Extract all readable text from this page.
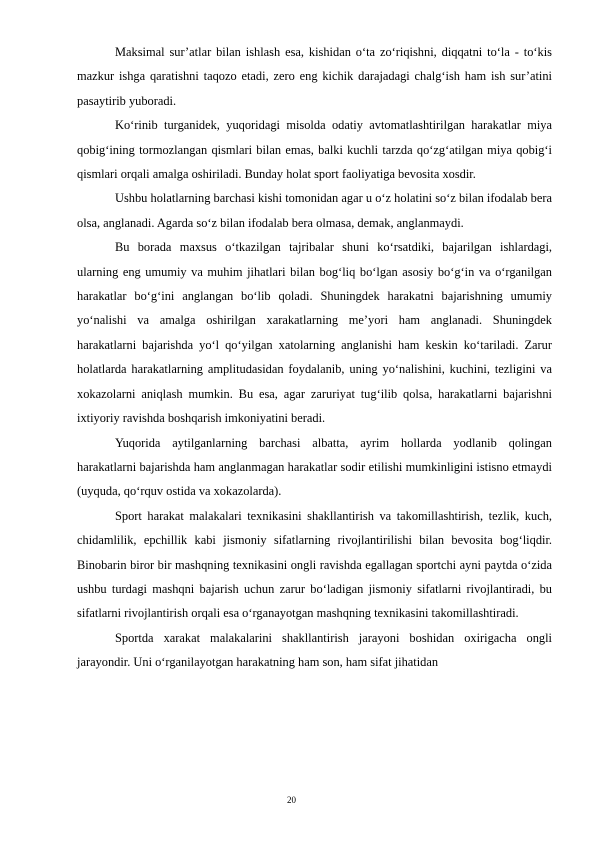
Maksimal sur’atlar bilan ishlash esa, kishidan o‘ta zo‘riqishni, diqqatni to‘la - to‘kis mazkur ishga qaratishni taqozo etadi, zero eng kichik darajadagi chalg‘ish ham ish sur’atini pasaytirib yuboradi.

Ko‘rinib turganidek, yuqoridagi misolda odatiy avtomatlashtirilgan harakatlar miya qobig‘ining tormozlangan qismlari bilan emas, balki kuchli tarzda qo‘zg‘atilgan miya qobig‘i qismlari orqali amalga oshiriladi. Bunday holat sport faoliyatiga bevosita xosdir.

Ushbu holatlarning barchasi kishi tomonidan agar u o‘z holatini so‘z bilan ifodalab bera olsa, anglanadi. Agarda so‘z bilan ifodalab bera olmasa, demak, anglanmaydi.

Bu borada maxsus o‘tkazilgan tajribalar shuni ko‘rsatdiki, bajarilgan ishlardagi, ularning eng umumiy va muhim jihatlari bilan bog‘liq bo‘lgan asosiy bo‘g‘in va o‘rganilgan harakatlar bo‘g‘ini anglangan bo‘lib qoladi. Shuningdek harakatni bajarishning umumiy yo‘nalishi va amalga oshirilgan xarakatlarning me’yori ham anglanadi. Shuningdek harakatlarni bajarishda yo‘l qo‘yilgan xatolarning anglanishi ham keskin ko‘tariladi. Zarur holatlarda harakatlarning amplitudasidan foydalanib, uning yo‘nalishini, kuchini, tezligini va xokazolarni aniqlash mumkin. Bu esa, agar zaruriyat tug‘ilib qolsa, harakatlarni bajarishni ixtiyoriy ravishda boshqarish imkoniyatini beradi.

Yuqorida aytilganlarning barchasi albatta, ayrim hollarda yodlanib qolingan harakatlarni bajarishda ham anglanmagan harakatlar sodir etilishi mumkinligini istisno etmaydi (uyquda, qo‘rquv ostida va xokazolarda).

Sport harakat malakalari texnikasini shakllantirish va takomillashtirish, tezlik, kuch, chidamlilik, epchillik kabi jismoniy sifatlarning rivojlantirilishi bilan bevosita bog‘liqdir. Binobarin biror bir mashqning texnikasini ongli ravishda egallagan sportchi ayni paytda o‘zida ushbu turdagi mashqni bajarish uchun zarur bo‘ladigan jismoniy sifatlarni rivojlantiradi, bu sifatlarni rivojlantirish orqali esa o‘rganayotgan mashqning texnikasini takomillashtiradi.

Sportda xarakat malakalarini shakllantirish jarayoni boshidan oxirigacha ongli jarayondir. Uni o‘rganilayotgan harakatning ham son, ham sifat jihatidan

20
